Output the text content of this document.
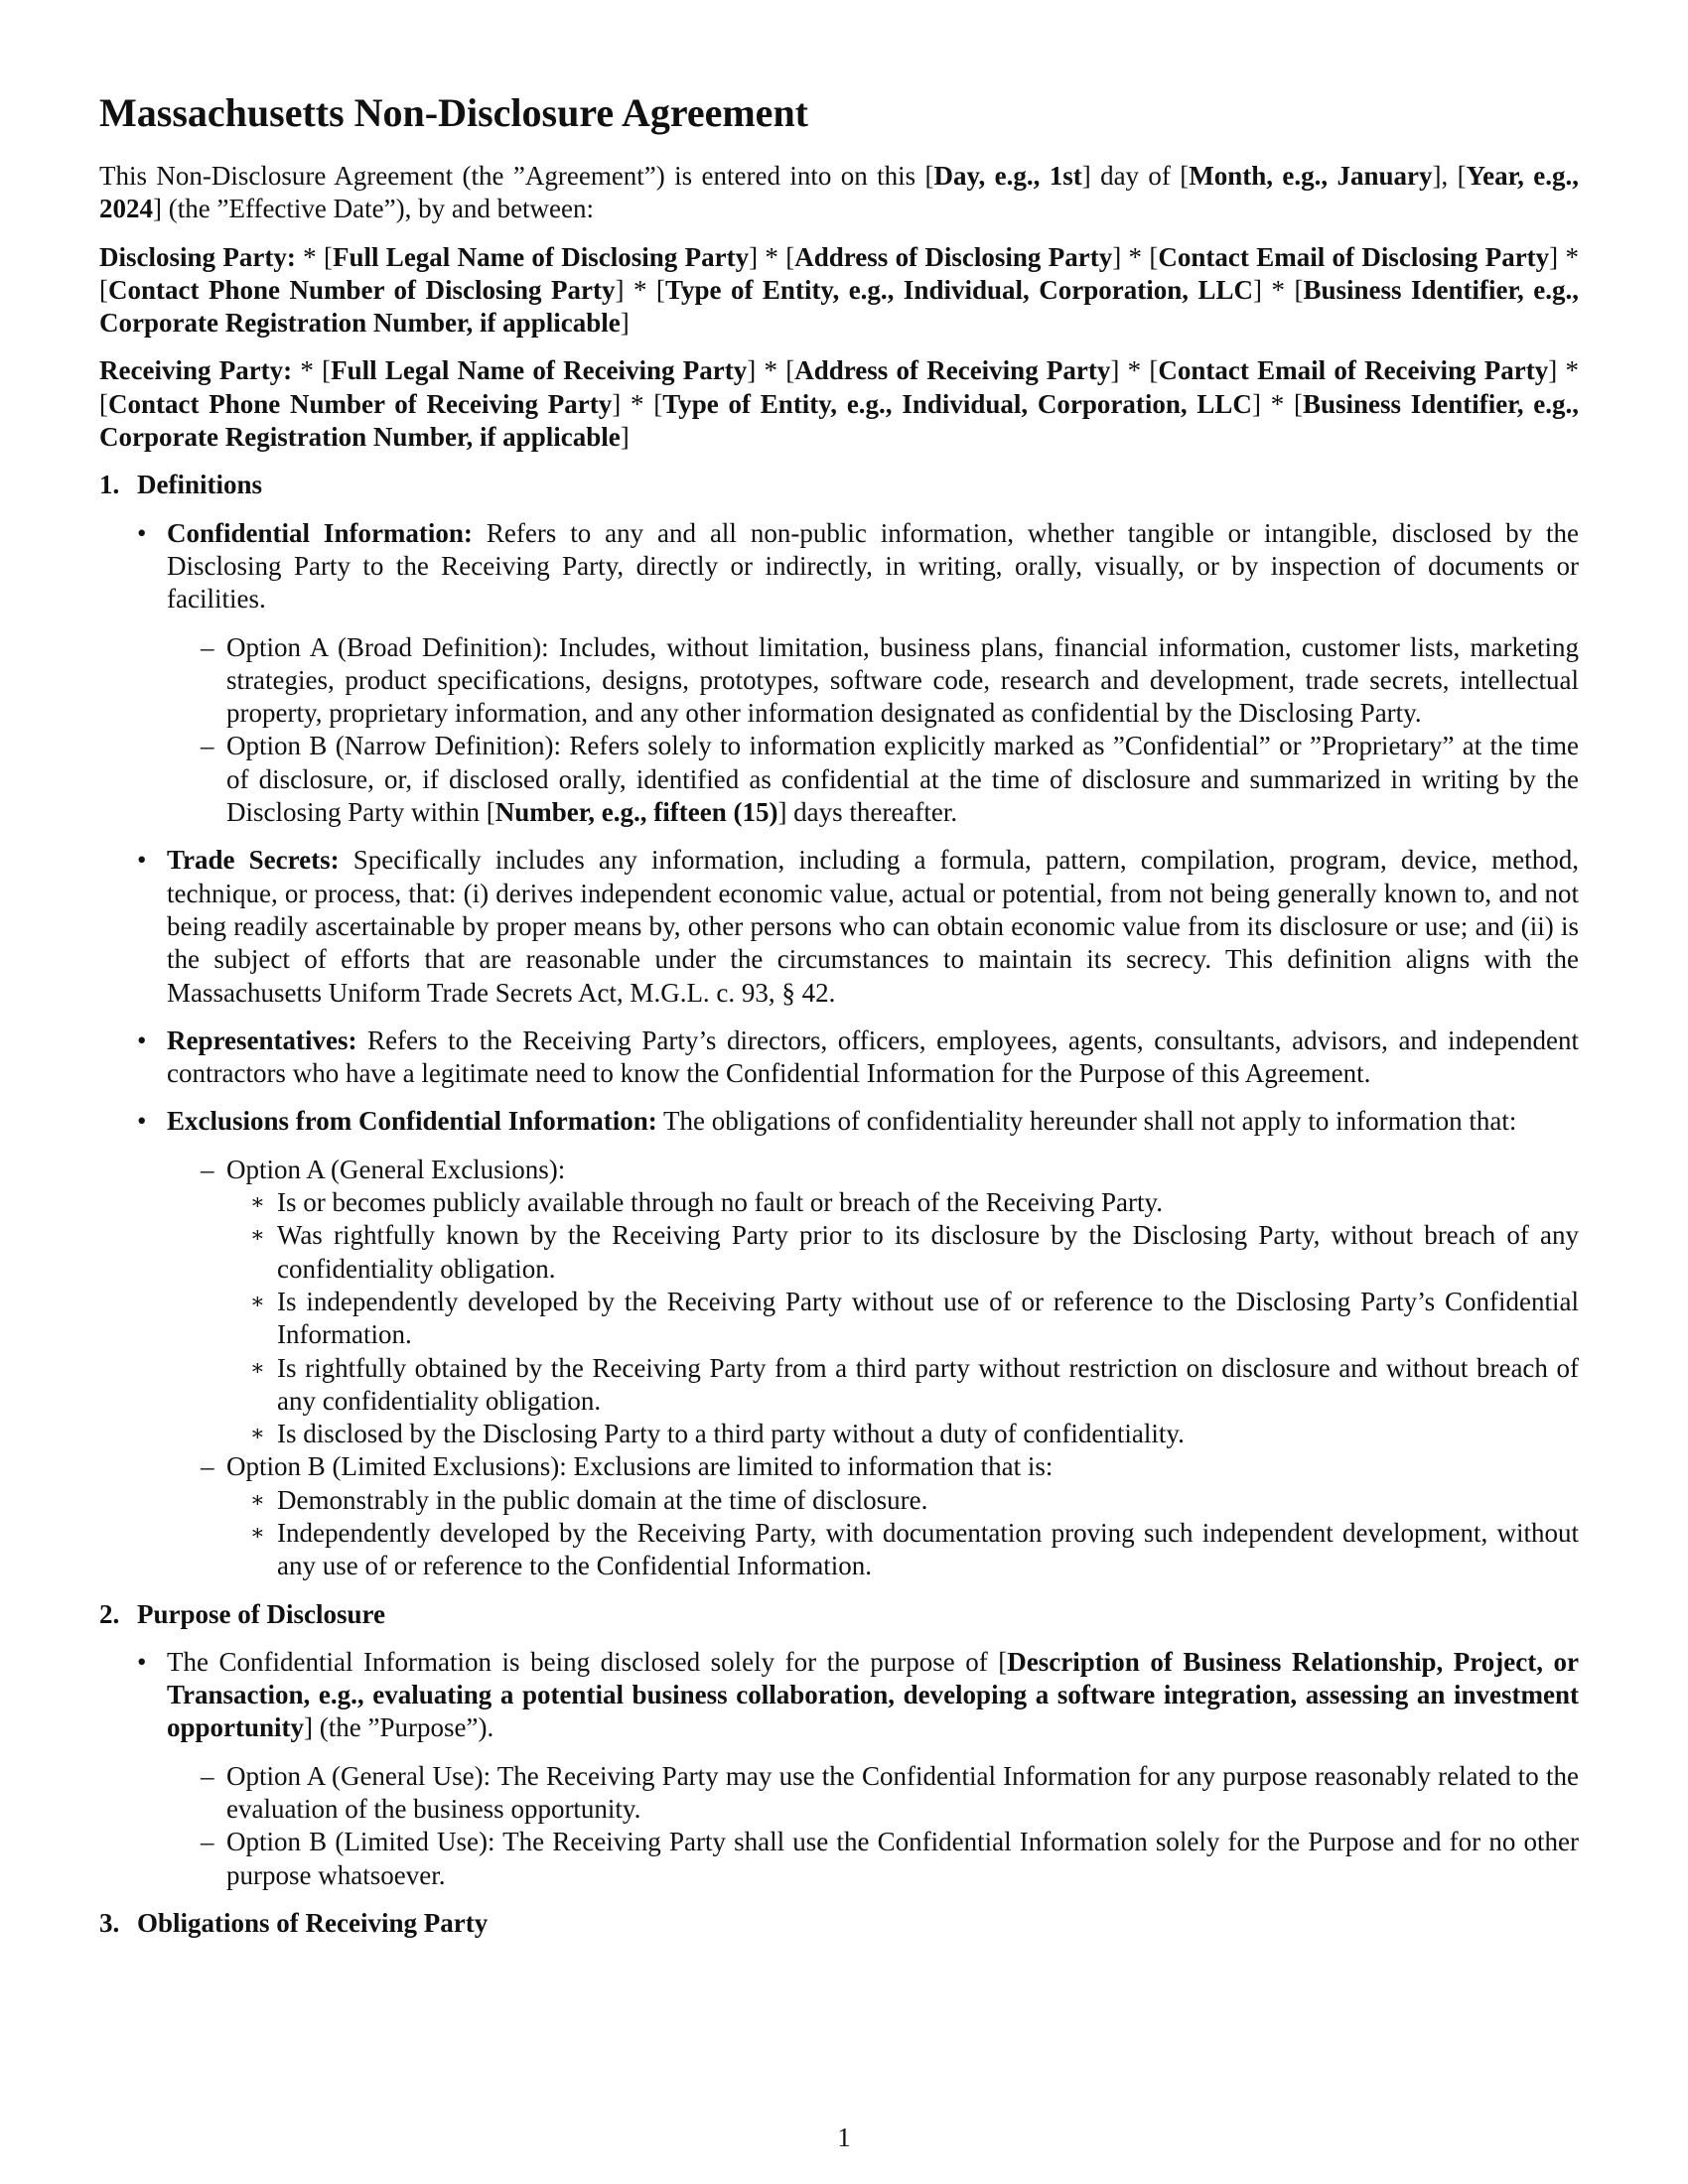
Massachusetts Non-Disclosure Agreement

This Non-Disclosure Agreement (the ”Agreement”) is entered into on this [Day, e.g., 1st] day of [Month, e.g., January], [Year, e.g., 2024] (the ”Effective Date”), by and between:

Disclosing Party: * [Full Legal Name of Disclosing Party] * [Address of Disclosing Party] * [Contact Email of Disclosing Party] * [Contact Phone Number of Disclosing Party] * [Type of Entity, e.g., Individual, Corporation, LLC] * [Business Identifier, e.g., Corporate Registration Number, if applicable]

Receiving Party: * [Full Legal Name of Receiving Party] * [Address of Receiving Party] * [Contact Email of Receiving Party] * [Contact Phone Number of Receiving Party] * [Type of Entity, e.g., Individual, Corporation, LLC] * [Business Identifier, e.g., Corporate Registration Number, if applicable]

1. Definitions
• Confidential Information: Refers to any and all non-public information, whether tangible or intangible, disclosed by the Disclosing Party to the Receiving Party, directly or indirectly, in writing, orally, visually, or by inspection of documents or facilities.
– Option A (Broad Definition): Includes, without limitation, business plans, financial information, customer lists, marketing strategies, product specifications, designs, prototypes, software code, research and development, trade secrets, intellectual property, proprietary information, and any other information designated as confidential by the Disclosing Party.
– Option B (Narrow Definition): Refers solely to information explicitly marked as ”Confidential” or ”Proprietary” at the time of disclosure, or, if disclosed orally, identified as confidential at the time of disclosure and summarized in writing by the Disclosing Party within [Number, e.g., fifteen (15)] days thereafter.
• Trade Secrets: Specifically includes any information, including a formula, pattern, compilation, program, device, method, technique, or process, that: (i) derives independent economic value, actual or potential, from not being generally known to, and not being readily ascertainable by proper means by, other persons who can obtain economic value from its disclosure or use; and (ii) is the subject of efforts that are reasonable under the circumstances to maintain its secrecy. This definition aligns with the Massachusetts Uniform Trade Secrets Act, M.G.L. c. 93, § 42.
• Representatives: Refers to the Receiving Party’s directors, officers, employees, agents, consultants, advisors, and independent contractors who have a legitimate need to know the Confidential Information for the Purpose of this Agreement.
• Exclusions from Confidential Information: The obligations of confidentiality hereunder shall not apply to information that:
– Option A (General Exclusions):
∗ Is or becomes publicly available through no fault or breach of the Receiving Party.
∗ Was rightfully known by the Receiving Party prior to its disclosure by the Disclosing Party, without breach of any confidentiality obligation.
∗ Is independently developed by the Receiving Party without use of or reference to the Disclosing Party’s Confidential Information.
∗ Is rightfully obtained by the Receiving Party from a third party without restriction on disclosure and without breach of any confidentiality obligation.
∗ Is disclosed by the Disclosing Party to a third party without a duty of confidentiality.
– Option B (Limited Exclusions): Exclusions are limited to information that is:
∗ Demonstrably in the public domain at the time of disclosure.
∗ Independently developed by the Receiving Party, with documentation proving such independent development, without any use of or reference to the Confidential Information.
2. Purpose of Disclosure
• The Confidential Information is being disclosed solely for the purpose of [Description of Business Relationship, Project, or Transaction, e.g., evaluating a potential business collaboration, developing a software integration, assessing an investment opportunity] (the ”Purpose”).
– Option A (General Use): The Receiving Party may use the Confidential Information for any purpose reasonably related to the evaluation of the business opportunity.
– Option B (Limited Use): The Receiving Party shall use the Confidential Information solely for the Purpose and for no other purpose whatsoever.
3. Obligations of Receiving Party
1
